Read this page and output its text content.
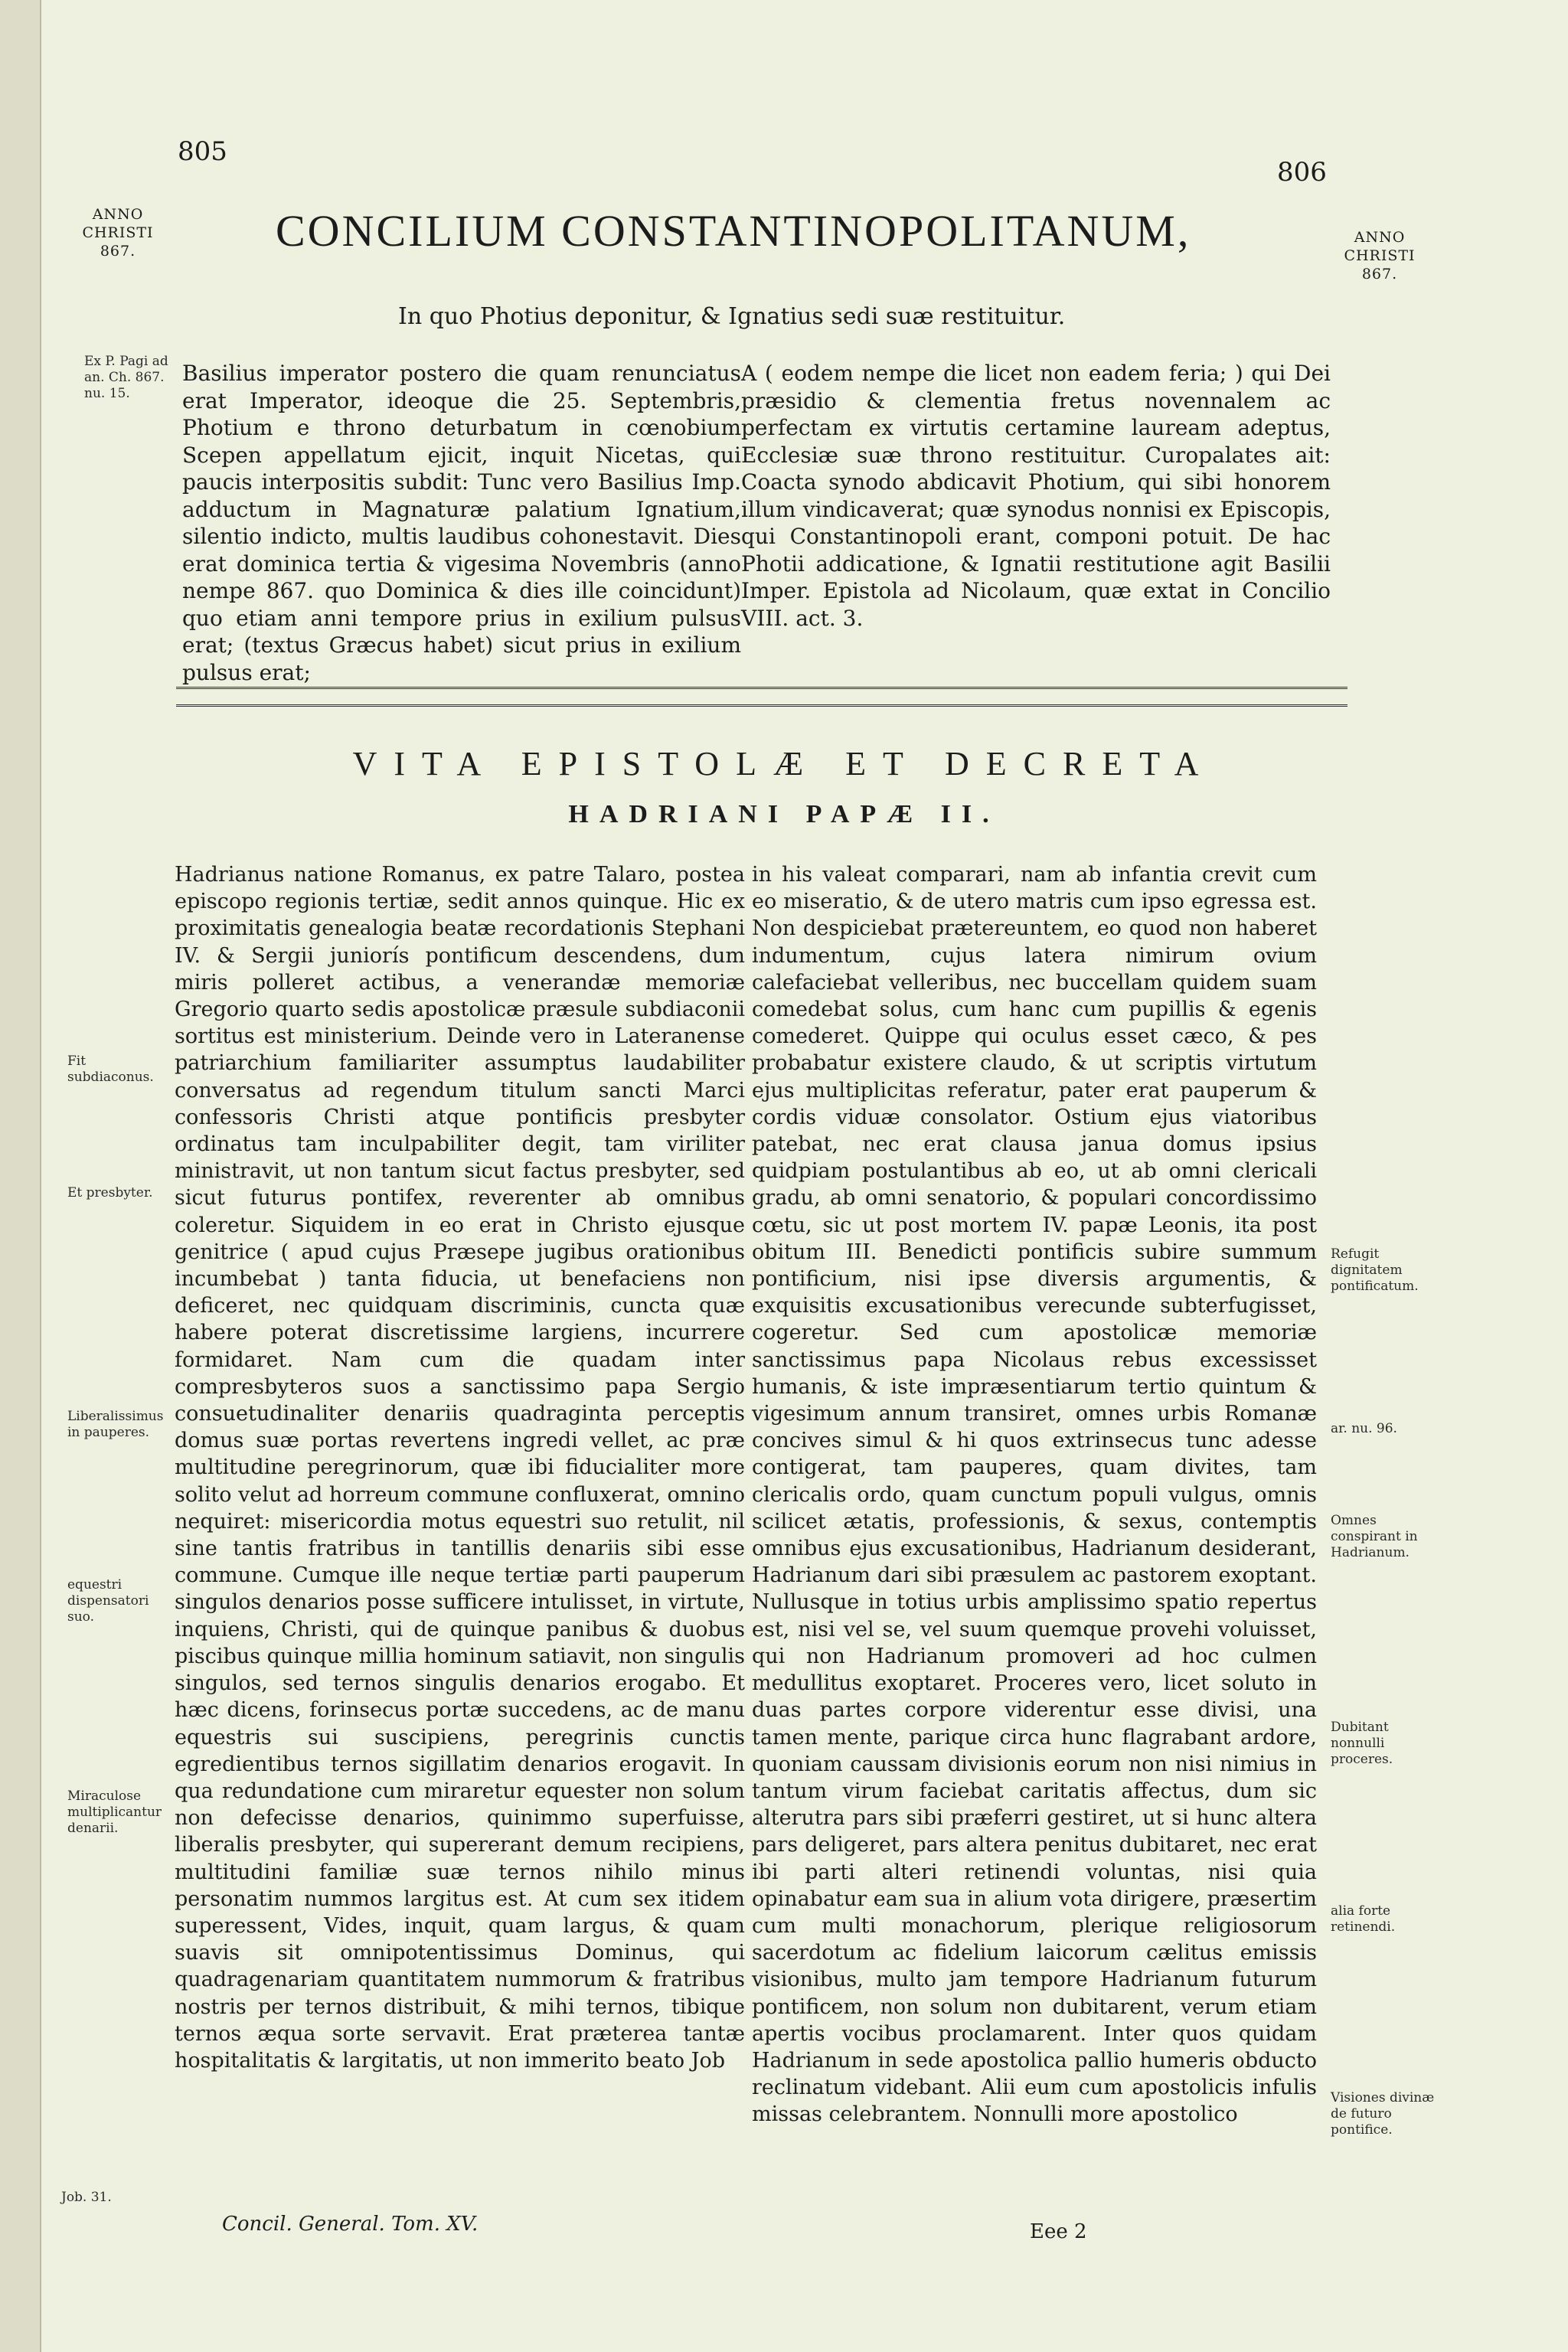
805
806
ANNO CHRISTI 867.
ANNO CHRISTI 867.
CONCILIUM CONSTANTINOPOLITANUM,
In quo Photius deponitur, & Ignatius sedi suæ restituitur.
Ex P. Pagi ad an. Ch. 867. nu. 15.

Basilius imperator postero die quam renunciatus erat Imperator, ideoque die 25. Septembris, Photium e throno deturbatum in cœnobium Scepen appellatum ejicit, inquit Nicetas, qui paucis interpositis subdit: Tunc vero Basilius Imp. adductum in Magnaturæ palatium Ignatium, silentio indicto, multis laudibus cohonestavit. Dies erat dominica tertia & vigesima Novembris (anno nempe 867. quo Dominica & dies ille coincidunt) quo etiam anni tempore prius in exilium pulsus erat; (textus Græcus habet) sicut prius in exilium pulsus erat;

A ( eodem nempe die licet non eadem feria; ) qui Dei præsidio & clementia fretus novennalem ac perfectam ex virtutis certamine lauream adeptus, Ecclesiæ suæ throno restituitur. Curopalates ait: Coacta synodo abdicavit Photium, qui sibi honorem illum vindicaverat; quæ synodus nonnisi ex Episcopis, qui Constantinopoli erant, componi potuit. De hac Photii addicatione, & Ignatii restitutione agit Basilii Imper. Epistola ad Nicolaum, quæ extat in Concilio VIII. act. 3.

VITA EPISTOLÆ ET DECRETA
HADRIANI PAPÆ II.

Hadrianus natione Romanus, ex patre Talaro, postea episcopo regionis tertiæ, sedit annos quinque. Hic ex proximitatis genealogia beatæ recordationis Stephani IV. & Sergii juniorís pontificum descendens, dum miris polleret actibus, a venerandæ memoriæ Gregorio quarto sedis apostolicæ præsule subdiaconii sortitus est ministerium. Deinde vero in Lateranense patriarchium familiariter assumptus laudabiliter conversatus ad regendum titulum sancti Marci confessoris Christi atque pontificis presbyter ordinatus tam inculpabiliter degit, tam viriliter ministravit, ut non tantum sicut factus presbyter, sed sicut futurus pontifex, reverenter ab omnibus coleretur. Siquidem in eo erat in Christo ejusque genitrice ( apud cujus Præsepe jugibus orationibus incumbebat ) tanta fiducia, ut benefaciens non deficeret, nec quidquam discriminis, cuncta quæ habere poterat discretissime largiens, incurrere formidaret. Nam cum die quadam inter compresbyteros suos a sanctissimo papa Sergio consuetudinaliter denariis quadraginta perceptis domus suæ portas revertens ingredi vellet, ac præ multitudine peregrinorum, quæ ibi fiducialiter more solito velut ad horreum commune confluxerat, omnino nequiret: misericordia motus equestri suo retulit, nil sine tantis fratribus in tantillis denariis sibi esse commune. Cumque ille neque tertiæ parti pauperum singulos denarios posse sufficere intulisset, in virtute, inquiens, Christi, qui de quinque panibus & duobus piscibus quinque millia hominum satiavit, non singulis singulos, sed ternos singulis denarios erogabo. Et hæc dicens, forinsecus portæ succedens, ac de manu equestris sui suscipiens, peregrinis cunctis egredientibus ternos sigillatim denarios erogavit. In qua redundatione cum miraretur equester non solum non defecisse denarios, quinimmo superfuisse, liberalis presbyter, qui supererant demum recipiens, multitudini familiæ suæ ternos nihilo minus personatim nummos largitus est. At cum sex itidem superessent, Vides, inquit, quam largus, & quam suavis sit omnipotentissimus Dominus, qui quadragenariam quantitatem nummorum & fratribus nostris per ternos distribuit, & mihi ternos, tibique ternos æqua sorte servavit. Erat præterea tantæ hospitalitatis & largitatis, ut non immerito beato Job

in his valeat comparari, nam ab infantia crevit cum eo miseratio, & de utero matris cum ipso egressa est. Non despiciebat prætereuntem, eo quod non haberet indumentum, cujus latera nimirum ovium calefaciebat velleribus, nec buccellam quidem suam comedebat solus, cum hanc cum pupillis & egenis comederet. Quippe qui oculus esset cæco, & pes probabatur existere claudo, & ut scriptis virtutum ejus multiplicitas referatur, pater erat pauperum & cordis viduæ consolator. Ostium ejus viatoribus patebat, nec erat clausa janua domus ipsius quidpiam postulantibus ab eo, ut ab omni clericali gradu, ab omni senatorio, & populari concordissimo cœtu, sic ut post mortem IV. papæ Leonis, ita post obitum III. Benedicti pontificis subire summum pontificium, nisi ipse diversis argumentis, & exquisitis excusationibus verecunde subterfugisset, cogeretur. Sed cum apostolicæ memoriæ sanctissimus papa Nicolaus rebus excessisset humanis, & iste impræsentiarum tertio quintum & vigesimum annum transiret, omnes urbis Romanæ concives simul & hi quos extrinsecus tunc adesse contigerat, tam pauperes, quam divites, tam clericalis ordo, quam cunctum populi vulgus, omnis scilicet ætatis, professionis, & sexus, contemptis omnibus ejus excusationibus, Hadrianum desiderant, Hadrianum dari sibi præsulem ac pastorem exoptant. Nullusque in totius urbis amplissimo spatio repertus est, nisi vel se, vel suum quemque provehi voluisset, qui non Hadrianum promoveri ad hoc culmen medullitus exoptaret. Proceres vero, licet soluto in duas partes corpore viderentur esse divisi, una tamen mente, parique circa hunc flagrabant ardore, quoniam caussam divisionis eorum non nisi nimius in tantum virum faciebat caritatis affectus, dum sic alterutra pars sibi præferri gestiret, ut si hunc altera pars deligeret, pars altera penitus dubitaret, nec erat ibi parti alteri retinendi voluntas, nisi quia opinabatur eam sua in alium vota dirigere, præsertim cum multi monachorum, plerique religiosorum sacerdotum ac fidelium laicorum cælitus emissis visionibus, multo jam tempore Hadrianum futurum pontificem, non solum non dubitarent, verum etiam apertis vocibus proclamarent. Inter quos quidam Hadrianum in sede apostolica pallio humeris obducto reclinatum videbant. Alii eum cum apostolicis infulis missas celebrantem. Nonnulli more apostolico

Fit subdiaconus.
Et presbyter.
Liberalissimus in pauperes.
equestri dispensatori suo.
Miraculose multiplicantur denarii.
Job. 31.
Refugit dignitatem pontificatum.
ar. nu. 96.
Omnes conspirant in Hadrianum.
Dubitant nonnulli proceres.
alia forte retinendi.
Visiones divinæ de futuro pontifice.
Concil. General. Tom. XV.	Eee 2
